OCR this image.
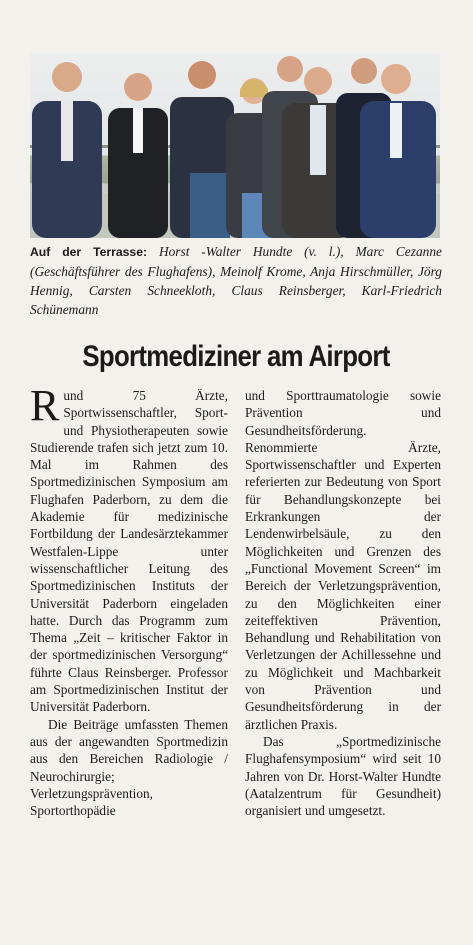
Auf der Terrasse: Horst -Walter Hundte (v. l.), Marc Cezanne (Geschäftsführer des Flughafens), Meinolf Krome, Anja Hirschmüller, Jörg Hennig, Carsten Schneekloth, Claus Reinsberger, Karl-Friedrich Schünemann
Sportmediziner am Airport

Rund 75 Ärzte, Sportwissenschaftler, Sport- und Physiotherapeuten sowie Studierende trafen sich jetzt zum 10. Mal im Rahmen des Sportmedizinischen Symposium am Flughafen Paderborn, zu dem die Akademie für medizinische Fortbildung der Landesärztekammer Westfalen-Lippe unter wissenschaftlicher Leitung des Sportmedizinischen Instituts der Universität Paderborn eingeladen hatte. Durch das Programm zum Thema „Zeit – kritischer Faktor in der sportmedizinischen Versorgung“ führte Claus Reinsberger. Professor am Sportmedizinischen Institut der Universität Paderborn.

Die Beiträge umfassten Themen aus der angewandten Sportmedizin aus den Bereichen Radiologie / Neurochirurgie; Verletzungsprävention, Sportorthopädie

und Sporttraumatologie sowie Prävention und Gesundheitsförderung. Renommierte Ärzte, Sportwissenschaftler und Experten referierten zur Bedeutung von Sport für Behandlungskonzepte bei Erkrankungen der Lendenwirbelsäule, zu den Möglichkeiten und Grenzen des „Functional Movement Screen“ im Bereich der Verletzungsprävention, zu den Möglichkeiten einer zeiteffektiven Prävention, Behandlung und Rehabilitation von Verletzungen der Achillessehne und zu Möglichkeit und Machbarkeit von Prävention und Gesundheitsförderung in der ärztlichen Praxis.

Das „Sportmedizinische Flughafensymposium“ wird seit 10 Jahren von Dr. Horst-Walter Hundte (Aatalzentrum für Gesundheit) organisiert und umgesetzt.
